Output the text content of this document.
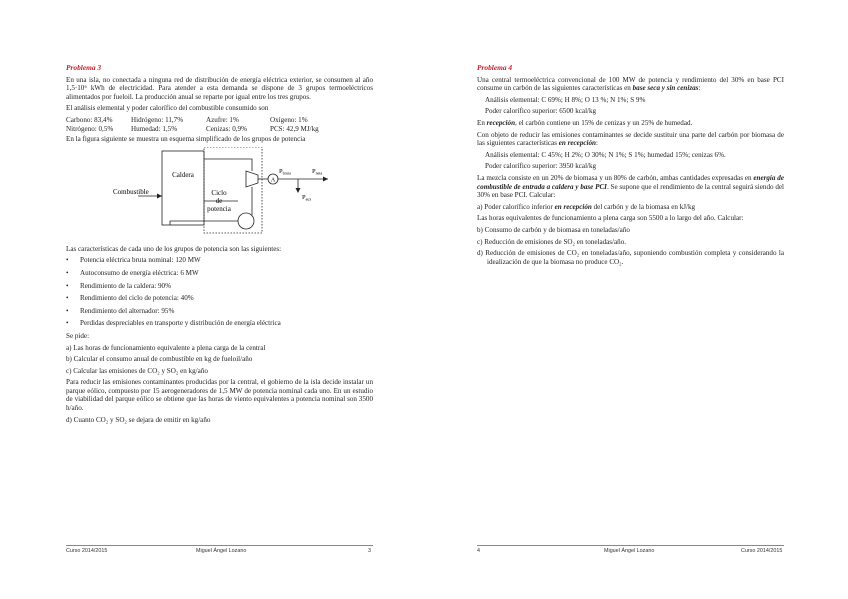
Problema 3

En una isla, no conectada a ninguna red de distribución de energía eléctrica exterior, se consumen al año 1,5·10⁶ kWh de electricidad. Para atender a esta demanda se dispone de 3 grupos termoeléctricos alimentados por fueloil. La producción anual se reparte por igual entre los tres grupos.

El análisis elemental y poder calorífico del combustible consumido son

Carbono: 83,4%	Hidrógeno: 11,7%	Azufre: 1%	Oxígeno: 1%
Nitrógeno: 0,5%	Humedad: 1,5%	Cenizas: 0,9%	PCS: 42,9 MJ/kg

En la figura siguiente se muestra un esquema simplificado de los grupos de potencia

Caldera
Combustible	Ciclo
de
potencia
A
$P_{bruta}$	$P_{neta}$
$P_{aux}$

Las características de cada uno de los grupos de potencia son las siguientes:

• Potencia eléctrica bruta nominal: 120 MW
• Autoconsumo de energía eléctrica: 6 MW
• Rendimiento de la caldera: 90%
• Rendimiento del ciclo de potencia: 40%
• Rendimiento del alternador: 95%
• Perdidas despreciables en transporte y distribución de energía eléctrica

Se pide:

a) Las horas de funcionamiento equivalente a plena carga de la central

b) Calcular el consumo anual de combustible en kg de fueloil/año

c) Calcular las emisiones de CO₂ y SO₂ en kg/año

Para reducir las emisiones contaminantes producidas por la central, el gobierno de la isla decide instalar un parque eólico, compuesto por 15 aerogeneradores de 1,5 MW de potencia nominal cada uno. En un estudio de viabilidad del parque eólico se obtiene que las horas de viento equivalentes a potencia nominal son 3500 h/año.

d) Cuanto CO₂ y SO₂ se dejara de emitir en kg/año

Curso 2014/2015	Miguel Ángel Lozano	3
Problema 4

Una central termoeléctrica convencional de 100 MW de potencia y rendimiento del 30% en base PCI consume un carbón de las siguientes características en base seca y sin cenizas:

Análisis elemental: C 69%; H 8%; O 13 %; N 1%; S 9%

Poder calorífico superior: 6500 kcal/kg

En recepción, el carbón contiene un 15% de cenizas y un 25% de humedad.

Con objeto de reducir las emisiones contaminantes se decide sustituir una parte del carbón por biomasa de las siguientes características en recepción:

Análisis elemental: C 45%; H 2%; O 30%; N 1%; S 1%; humedad 15%; cenizas 6%.

Poder calorífico superior: 3950 kcal/kg

La mezcla consiste en un 20% de biomasa y un 80% de carbón, ambas cantidades expresadas en energía de combustible de entrada a caldera y base PCI. Se supone que el rendimiento de la central seguirá siendo del 30% en base PCI. Calcular:

a) Poder calorífico inferior en recepción del carbón y de la biomasa en kJ/kg

Las horas equivalentes de funcionamiento a plena carga son 5500 a lo largo del año. Calcular:

b) Consumo de carbón y de biomasa en toneladas/año

c) Reducción de emisiones de SO₂ en toneladas/año.

d) Reducción de emisiones de CO₂ en toneladas/año, suponiendo combustión completa y considerando la idealización de que la biomasa no produce CO₂.

4	Miguel Ángel Lozano	Curso 2014/2015
